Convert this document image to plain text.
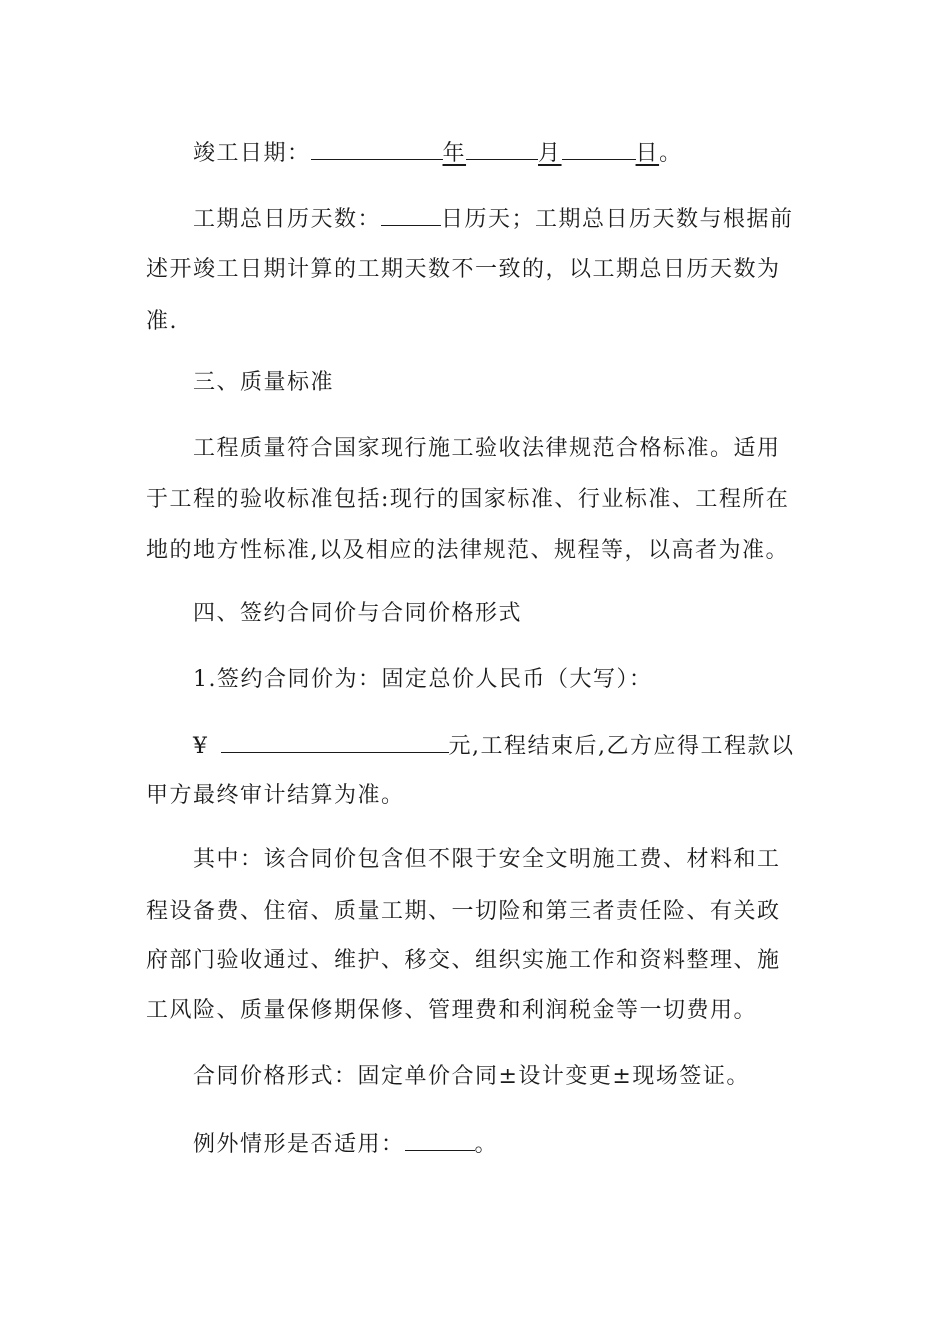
竣工日期：	年	月	日。
工期总日历天数：	日历天；工期总日历天数与根据前
述开竣工日期计算的工期天数不一致的，以工期总日历天数为
准.
三、质量标准
工程质量符合国家现行施工验收法律规范合格标准。适用
于工程的验收标准包括:现行的国家标准、行业标准、工程所在
地的地方性标准,以及相应的法律规范、规程等，以高者为准。
四、签约合同价与合同价格形式
1.签约合同价为：固定总价人民币（大写）：
¥	元,工程结束后,乙方应得工程款以
甲方最终审计结算为准。
其中：该合同价包含但不限于安全文明施工费、材料和工
程设备费、住宿、质量工期、一切险和第三者责任险、有关政
府部门验收通过、维护、移交、组织实施工作和资料整理、施
工风险、质量保修期保修、管理费和利润税金等一切费用。
合同价格形式：固定单价合同±设计变更±现场签证。
例外情形是否适用：	。
